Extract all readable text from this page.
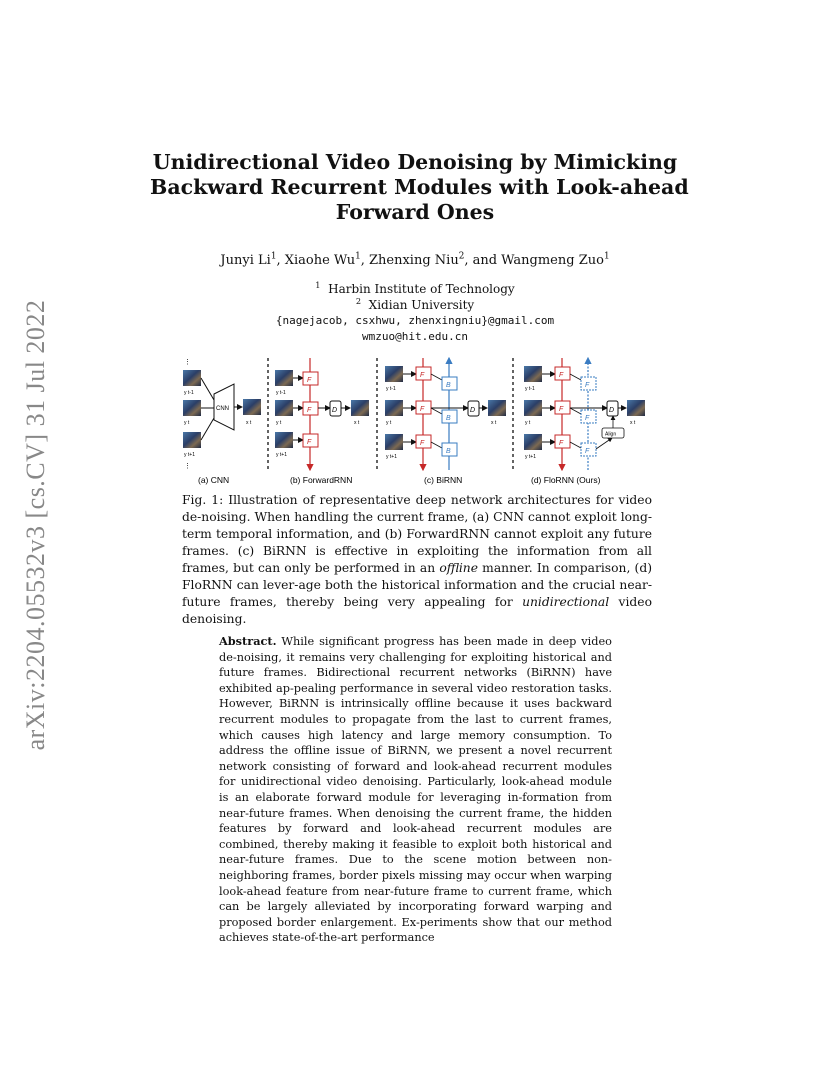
arXiv:2204.05532v3 [cs.CV] 31 Jul 2022
Unidirectional Video Denoising by Mimicking
Backward Recurrent Modules with Look-ahead
Forward Ones
Junyi Li$^1$, Xiaohe Wu$^1$, Zhenxing Niu$^2$, and Wangmeng Zuo$^1$
$^1$ Harbin Institute of Technology
$^2$ Xidian University
{nagejacob, csxhwu, zhenxingniu}@gmail.com
wmzuo@hit.edu.cn
⋮
y t-1
y t
y t+1
⋮
CNN
x t
y t-1
y t
y t+1
F
F
F
D
x t
y t-1
y t
y t+1
F
F
F
B
B
B
D
x t
y t-1
y t
y t+1
F
F
F
F
F
F
Align
D
x t
(a) CNN	(b) ForwardRNN	(c) BiRNN	(d) FloRNN (Ours)
Fig. 1: Illustration of representative deep network architectures for video de-noising. When handling the current frame, (a) CNN cannot exploit long-term temporal information, and (b) ForwardRNN cannot exploit any future frames. (c) BiRNN is effective in exploiting the information from all frames, but can only be performed in an offline manner. In comparison, (d) FloRNN can lever-age both the historical information and the crucial near-future frames, thereby being very appealing for unidirectional video denoising.
Abstract. While significant progress has been made in deep video de-noising, it remains very challenging for exploiting historical and future frames. Bidirectional recurrent networks (BiRNN) have exhibited ap-pealing performance in several video restoration tasks. However, BiRNN is intrinsically offline because it uses backward recurrent modules to propagate from the last to current frames, which causes high latency and large memory consumption. To address the offline issue of BiRNN, we present a novel recurrent network consisting of forward and look-ahead recurrent modules for unidirectional video denoising. Particularly, look-ahead module is an elaborate forward module for leveraging in-formation from near-future frames. When denoising the current frame, the hidden features by forward and look-ahead recurrent modules are combined, thereby making it feasible to exploit both historical and near-future frames. Due to the scene motion between non-neighboring frames, border pixels missing may occur when warping look-ahead feature from near-future frame to current frame, which can be largely alleviated by incorporating forward warping and proposed border enlargement. Ex-periments show that our method achieves state-of-the-art performance
